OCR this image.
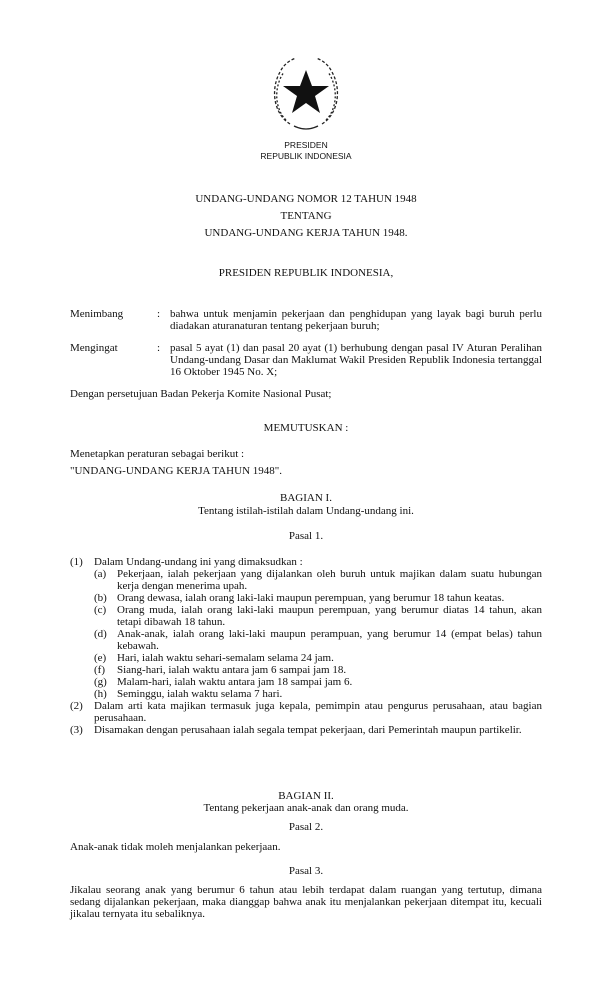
PRESIDEN
REPUBLIK INDONESIA
UNDANG-UNDANG NOMOR 12 TAHUN 1948
TENTANG
UNDANG-UNDANG KERJA TAHUN 1948.
PRESIDEN REPUBLIK INDONESIA,
Menimbang	: bahwa untuk menjamin pekerjaan dan penghidupan yang layak bagi buruh perlu diadakan aturanaturan tentang pekerjaan buruh;
Mengingat	: pasal 5 ayat (1) dan pasal 20 ayat (1) berhubung dengan pasal IV Aturan Peralihan Undang-undang Dasar dan Maklumat Wakil Presiden Republik Indonesia tertanggal 16 Oktober 1945 No. X;
Dengan persetujuan Badan Pekerja Komite Nasional Pusat;
MEMUTUSKAN :
Menetapkan peraturan sebagai berikut :
"UNDANG-UNDANG KERJA TAHUN 1948".
BAGIAN I.
Tentang istilah-istilah dalam Undang-undang ini.
Pasal 1.
(1) Dalam Undang-undang ini yang dimaksudkan :
(a) Pekerjaan, ialah pekerjaan yang dijalankan oleh buruh untuk majikan dalam suatu hubungan kerja dengan menerima upah.
(b) Orang dewasa, ialah orang laki-laki maupun perempuan, yang berumur 18 tahun keatas.
(c) Orang muda, ialah orang laki-laki maupun perempuan, yang berumur diatas 14 tahun, akan tetapi dibawah 18 tahun.
(d) Anak-anak, ialah orang laki-laki maupun perampuan, yang berumur 14 (empat belas) tahun kebawah.
(e) Hari, ialah waktu sehari-semalam selama 24 jam.
(f) Siang-hari, ialah waktu antara jam 6 sampai jam 18.
(g) Malam-hari, ialah waktu antara jam 18 sampai jam 6.
(h) Seminggu, ialah waktu selama 7 hari.
(2) Dalam arti kata majikan termasuk juga kepala, pemimpin atau pengurus perusahaan, atau bagian perusahaan.
(3) Disamakan dengan perusahaan ialah segala tempat pekerjaan, dari Pemerintah maupun partikelir.
BAGIAN II.
Tentang pekerjaan anak-anak dan orang muda.
Pasal 2.
Anak-anak tidak moleh menjalankan pekerjaan.
Pasal 3.
Jikalau seorang anak yang berumur 6 tahun atau lebih terdapat dalam ruangan yang tertutup, dimana sedang dijalankan pekerjaan, maka dianggap bahwa anak itu menjalankan pekerjaan ditempat itu, kecuali jikalau ternyata itu sebaliknya.
